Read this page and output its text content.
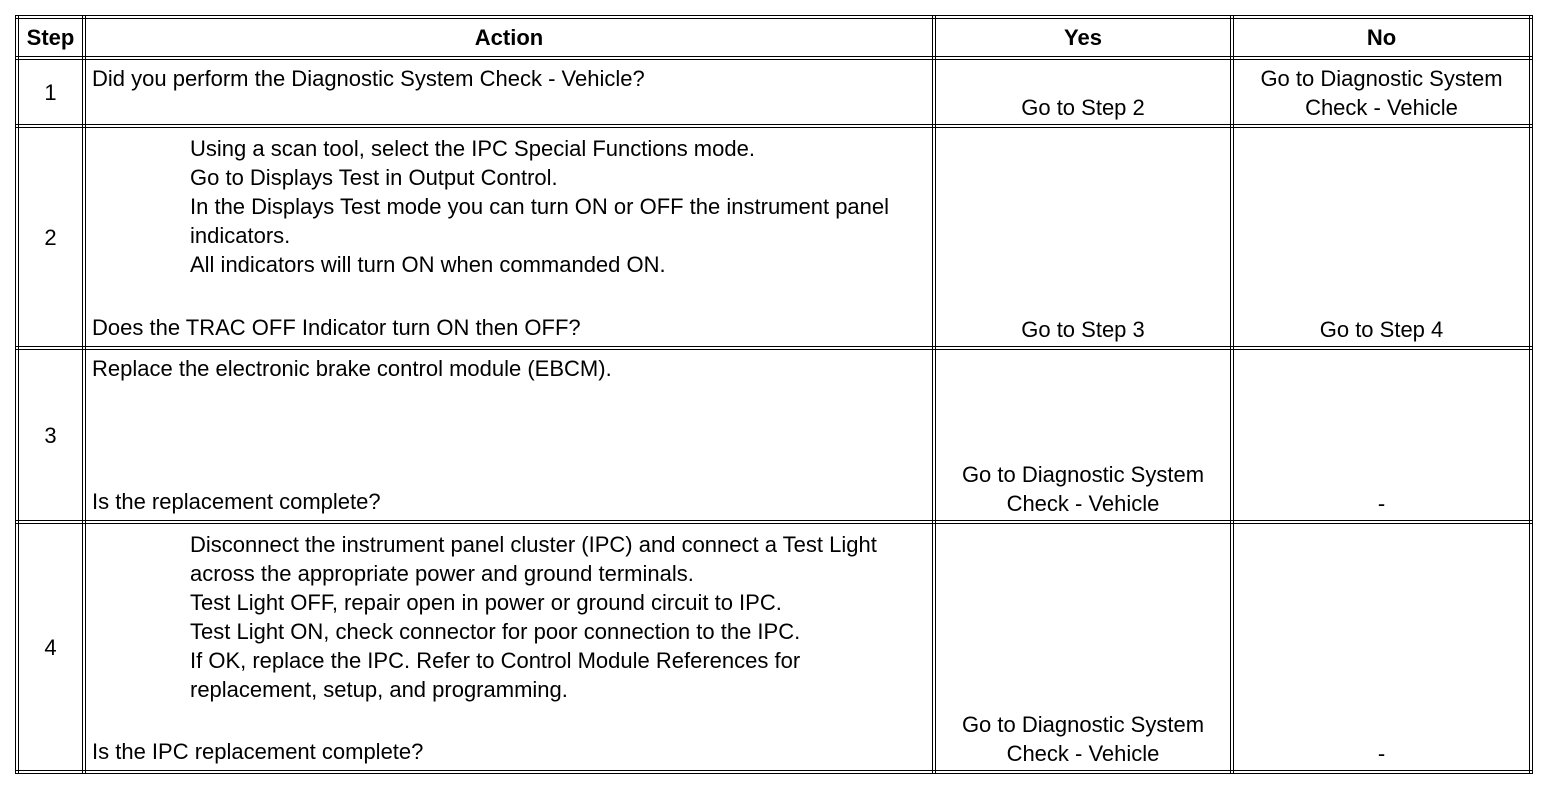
Step	Action	Yes	No
1	Did you perform the Diagnostic System Check - Vehicle?	Go to Step 2	Go to Diagnostic System Check - Vehicle
2	Using a scan tool, select the IPC Special Functions mode.
Go to Displays Test in Output Control.
In the Displays Test mode you can turn ON or OFF the instrument panel indicators.
All indicators will turn ON when commanded ON.
Does the TRAC OFF Indicator turn ON then OFF?	Go to Step 3	Go to Step 4
3	Replace the electronic brake control module (EBCM).
Is the replacement complete?	Go to Diagnostic System Check - Vehicle	-
4	Disconnect the instrument panel cluster (IPC) and connect a Test Light across the appropriate power and ground terminals.
Test Light OFF, repair open in power or ground circuit to IPC.
Test Light ON, check connector for poor connection to the IPC.
If OK, replace the IPC. Refer to Control Module References for replacement, setup, and programming.
Is the IPC replacement complete?	Go to Diagnostic System Check - Vehicle	-
